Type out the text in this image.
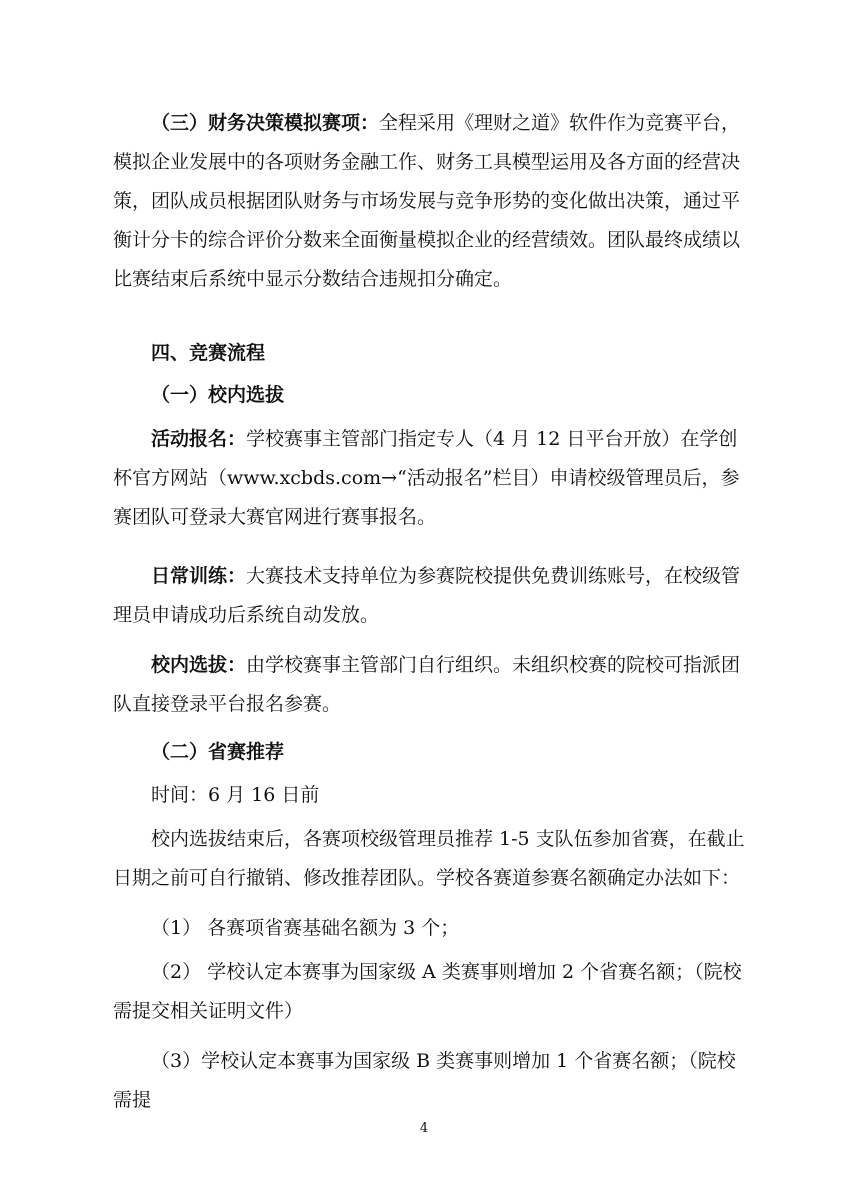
（三）财务决策模拟赛项：全程采用《理财之道》软件作为竞赛平台，模拟企业发展中的各项财务金融工作、财务工具模型运用及各方面的经营决策，团队成员根据团队财务与市场发展与竞争形势的变化做出决策，通过平衡计分卡的综合评价分数来全面衡量模拟企业的经营绩效。团队最终成绩以比赛结束后系统中显示分数结合违规扣分确定。
四、竞赛流程
（一）校内选拔
活动报名：学校赛事主管部门指定专人（4 月 12 日平台开放）在学创杯官方网站（www.xcbds.com→“活动报名”栏目）申请校级管理员后，参赛团队可登录大赛官网进行赛事报名。
日常训练：大赛技术支持单位为参赛院校提供免费训练账号，在校级管理员申请成功后系统自动发放。
校内选拔：由学校赛事主管部门自行组织。未组织校赛的院校可指派团队直接登录平台报名参赛。
（二）省赛推荐
时间：6 月 16 日前
校内选拔结束后，各赛项校级管理员推荐 1-5 支队伍参加省赛，在截止日期之前可自行撤销、修改推荐团队。学校各赛道参赛名额确定办法如下：
（1） 各赛项省赛基础名额为 3 个；
（2） 学校认定本赛事为国家级 A 类赛事则增加 2 个省赛名额；（院校需提交相关证明文件）
（3）学校认定本赛事为国家级 B 类赛事则增加 1 个省赛名额；（院校需提
4
